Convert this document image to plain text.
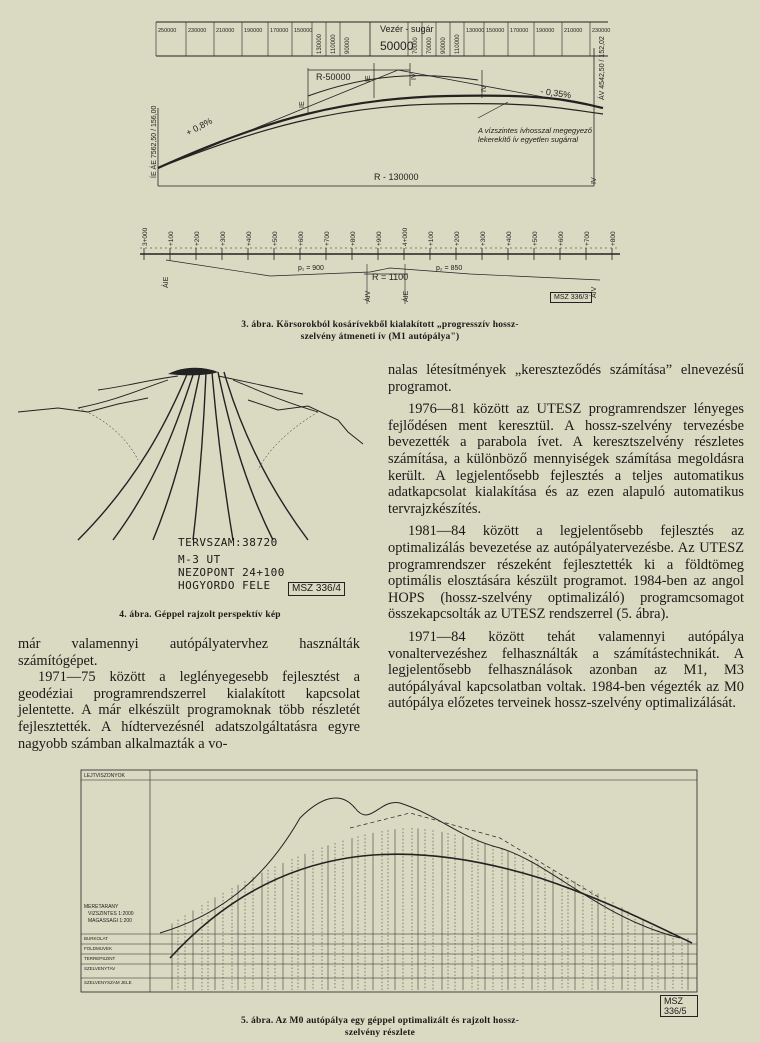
250000 230000 210000 190000 170000 150000
130000 110000 90000	70000 70000 90000 110000
130000 150000 170000 190000 210000 230000
Vezér - sugár
50000
R-50000
R - 130000
+ 0,8%
- 0,35%
ÍE ÁE 7562,50 / 156,00
ÁV 4542,50 / 152,02
IE
IE	IV
IV
IV
A vízszintes ívhosszal megegyező lekerekítő ív egyetlen sugárral
3+000	+100	+200	+300	+400	+500	+600	+700	+800	+900	4+000	+100	+200	+300	+400	+500	+600	+700	+800
p₁ = 900	p₂ = 850
R = 1100
ÁIE
ÁIV	ÁIE	ÁIV
MSZ 336/3
3. ábra. Körsorokból kosárívekből kialakított „progresszív hossz-
szelvény átmeneti ív (M1 autópálya")
TERVSZAM:38720
M-3 UT
NEZOPONT 24+100
HOGYORDO FELE	MSZ 336/4
4. ábra. Géppel rajzolt perspektív kép

már valamennyi autópályatervhez használták számítógépet.

1971—75 között a leglényegesebb fejlesztést a geodéziai programrendszerrel kialakított kapcsolat jelentette. A már elkészült programoknak több részletét fejlesztették. A hídtervezésnél adatszolgáltatásra egyre nagyobb számban alkalmazták a vo-

nalas létesítmények „kereszteződés számítása” elnevezésű programot.

1976—81 között az UTESZ programrendszer lényeges fejlődésen ment keresztül. A hossz-szelvény tervezésbe bevezették a parabola ívet. A keresztszelvény részletes számítása, a különböző mennyiségek számítása megoldásra került. A legjelentősebb fejlesztés a teljes automatikus adatkapcsolat kialakítása és az ezen alapuló automatikus tervrajzkészítés.

1981—84 között a legjelentősebb fejlesztés az optimalizálás bevezetése az autópályatervezésbe. Az UTESZ programrendszer részeként fejlesztették ki a földtömeg optimális elosztására készült programot. 1984-ben az angol HOPS (hossz-szelvény optimalizáló) programcsomagot összekapcsolták az UTESZ rendszerrel (5. ábra).

1971—84 között tehát valamennyi autópálya vonaltervezéshez felhasználták a számítástechnikát. A legjelentősebb felhasználások azonban az M1, M3 autópályával kapcsolatban voltak. 1984-ben végezték az M0 autópálya előzetes terveinek hossz-szelvény optimalizálását.

BURKOLAT
FOLDMUVEK
TERREPSZINT
SZELVENYTAV
SZELVENYSZAM JELE
LEJTVISZONYOK
MERETARANY
VIZSZINTES 1:2000
MAGASSAGI 1:200
MSZ 336/5
5. ábra. Az M0 autópálya egy géppel optimalizált és rajzolt hossz-
szelvény részlete
